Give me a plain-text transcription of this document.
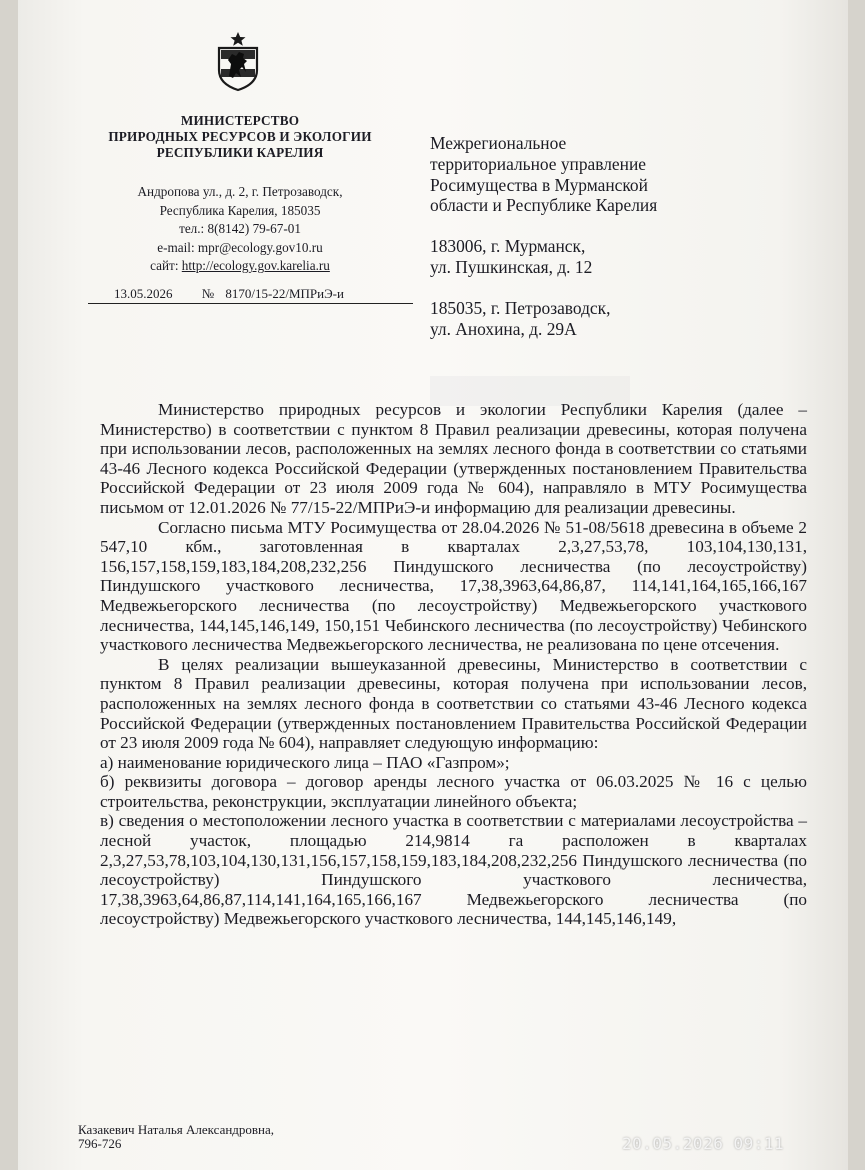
МИНИСТЕРСТВО
ПРИРОДНЫХ РЕСУРСОВ И ЭКОЛОГИИ
РЕСПУБЛИКИ КАРЕЛИЯ
Андропова ул., д. 2, г. Петрозаводск,
Республика Карелия, 185035
тел.: 8(8142) 79-67-01
e-mail: mpr@ecology.gov10.ru
сайт: http://ecology.gov.karelia.ru
13.05.2026 № 8170/15-22/МПРиЭ-и
Межрегиональное
территориальное управление
Росимущества в Мурманской
области и Республике Карелия
183006, г. Мурманск,
ул. Пушкинская, д. 12
185035, г. Петрозаводск,
ул. Анохина, д. 29А

Министерство природных ресурсов и экологии Республики Карелия (далее – Министерство) в соответствии с пунктом 8 Правил реализации древесины, которая получена при использовании лесов, расположенных на землях лесного фонда в соответствии со статьями 43-46 Лесного кодекса Российской Федерации (утвержденных постановлением Правительства Российской Федерации от 23 июля 2009 года № 604), направляло в МТУ Росимущества письмом от 12.01.2026 № 77/15-22/МПРиЭ-и информацию для реализации древесины.

Согласно письма МТУ Росимущества от 28.04.2026 № 51-08/5618 древесина в объеме 2 547,10 кбм., заготовленная в кварталах 2,3,27,53,78, 103,104,130,131, 156,157,158,159,183,184,208,232,256 Пиндушского лесничества (по лесоустройству) Пиндушского участкового лесничества, 17,38,3963,64,86,87, 114,141,164,165,166,167 Медвежьегорского лесничества (по лесоустройству) Медвежьегорского участкового лесничества, 144,145,146,149, 150,151 Чебинского лесничества (по лесоустройству) Чебинского участкового лесничества Медвежьегорского лесничества, не реализована по цене отсечения.

В целях реализации вышеуказанной древесины, Министерство в соответствии с пунктом 8 Правил реализации древесины, которая получена при использовании лесов, расположенных на землях лесного фонда в соответствии со статьями 43-46 Лесного кодекса Российской Федерации (утвержденных постановлением Правительства Российской Федерации от 23 июля 2009 года № 604), направляет следующую информацию:

а) наименование юридического лица – ПАО «Газпром»;

б) реквизиты договора – договор аренды лесного участка от 06.03.2025 № 16 с целью строительства, реконструкции, эксплуатации линейного объекта;

в) сведения о местоположении лесного участка в соответствии с материалами лесоустройства – лесной участок, площадью 214,9814 га расположен в кварталах 2,3,27,53,78,103,104,130,131,156,157,158,159,183,184,208,232,256 Пиндушского лесничества (по лесоустройству) Пиндушского участкового лесничества, 17,38,3963,64,86,87,114,141,164,165,166,167 Медвежьегорского лесничества (по лесоустройству) Медвежьегорского участкового лесничества, 144,145,146,149,

Казакевич Наталья Александровна,
796-726	20.05.2026 09:11
